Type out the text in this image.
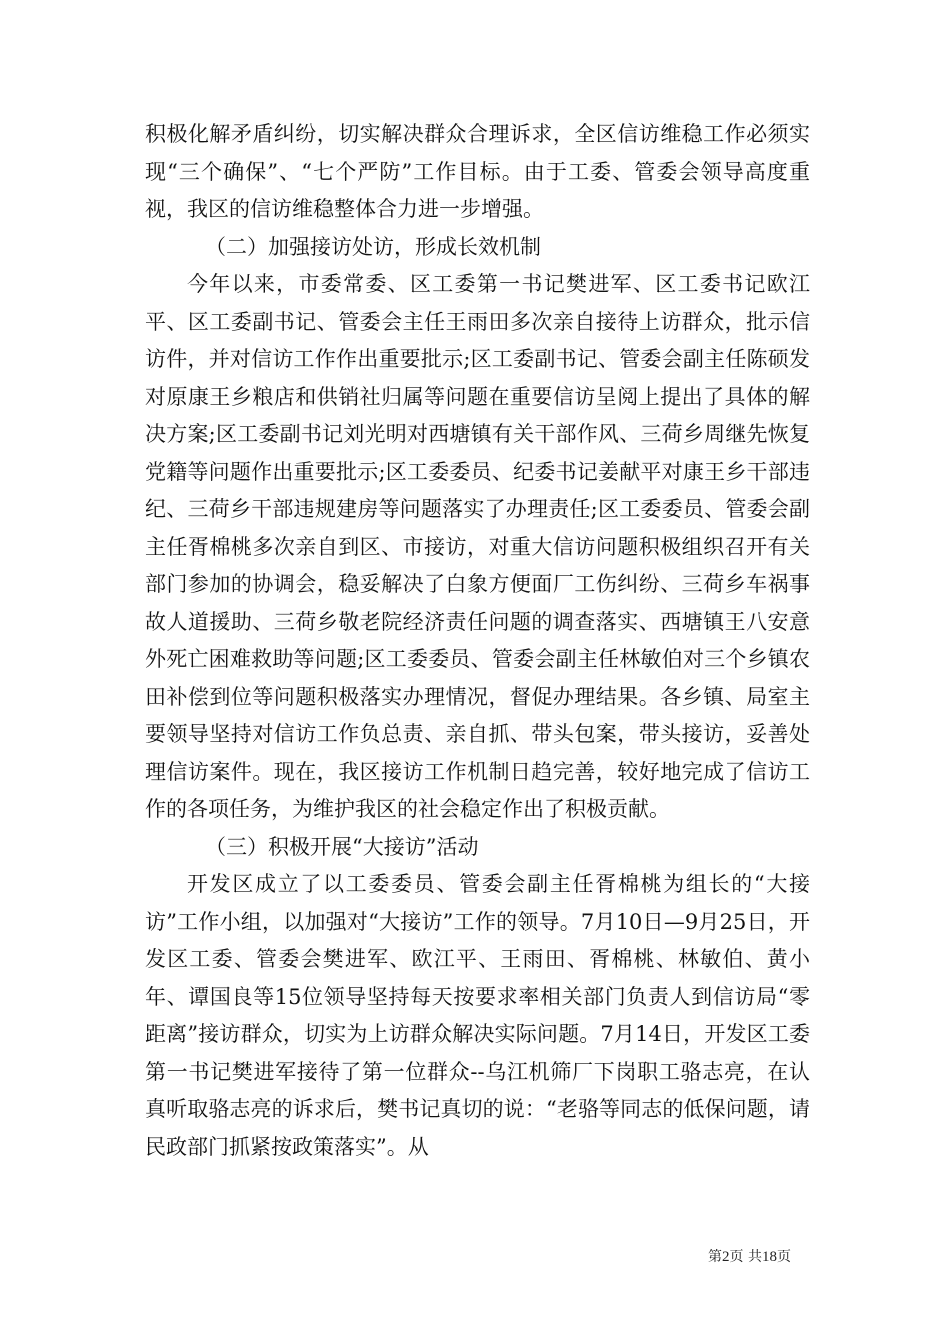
积极化解矛盾纠纷，切实解决群众合理诉求，全区信访维稳工作必须实现“三个确保”、“七个严防”工作目标。由于工委、管委会领导高度重视，我区的信访维稳整体合力进一步增强。

（二）加强接访处访，形成长效机制

今年以来，市委常委、区工委第一书记樊进军、区工委书记欧江平、区工委副书记、管委会主任王雨田多次亲自接待上访群众，批示信访件，并对信访工作作出重要批示;区工委副书记、管委会副主任陈硕发对原康王乡粮店和供销社归属等问题在重要信访呈阅上提出了具体的解决方案;区工委副书记刘光明对西塘镇有关干部作风、三荷乡周继先恢复党籍等问题作出重要批示;区工委委员、纪委书记姜献平对康王乡干部违纪、三荷乡干部违规建房等问题落实了办理责任;区工委委员、管委会副主任胥棉桃多次亲自到区、市接访，对重大信访问题积极组织召开有关部门参加的协调会，稳妥解决了白象方便面厂工伤纠纷、三荷乡车祸事故人道援助、三荷乡敬老院经济责任问题的调查落实、西塘镇王八安意外死亡困难救助等问题;区工委委员、管委会副主任林敏伯对三个乡镇农田补偿到位等问题积极落实办理情况，督促办理结果。各乡镇、局室主要领导坚持对信访工作负总责、亲自抓、带头包案，带头接访，妥善处理信访案件。现在，我区接访工作机制日趋完善，较好地完成了信访工作的各项任务，为维护我区的社会稳定作出了积极贡献。

（三）积极开展“大接访”活动

开发区成立了以工委委员、管委会副主任胥棉桃为组长的“大接访”工作小组，以加强对“大接访”工作的领导。7月10日—9月25日，开发区工委、管委会樊进军、欧江平、王雨田、胥棉桃、林敏伯、黄小年、谭国良等15位领导坚持每天按要求率相关部门负责人到信访局“零距离”接访群众，切实为上访群众解决实际问题。7月14日，开发区工委第一书记樊进军接待了第一位群众--乌江机筛厂下岗职工骆志亮，在认真听取骆志亮的诉求后，樊书记真切的说：“老骆等同志的低保问题，请民政部门抓紧按政策落实”。从

第2页 共18页
